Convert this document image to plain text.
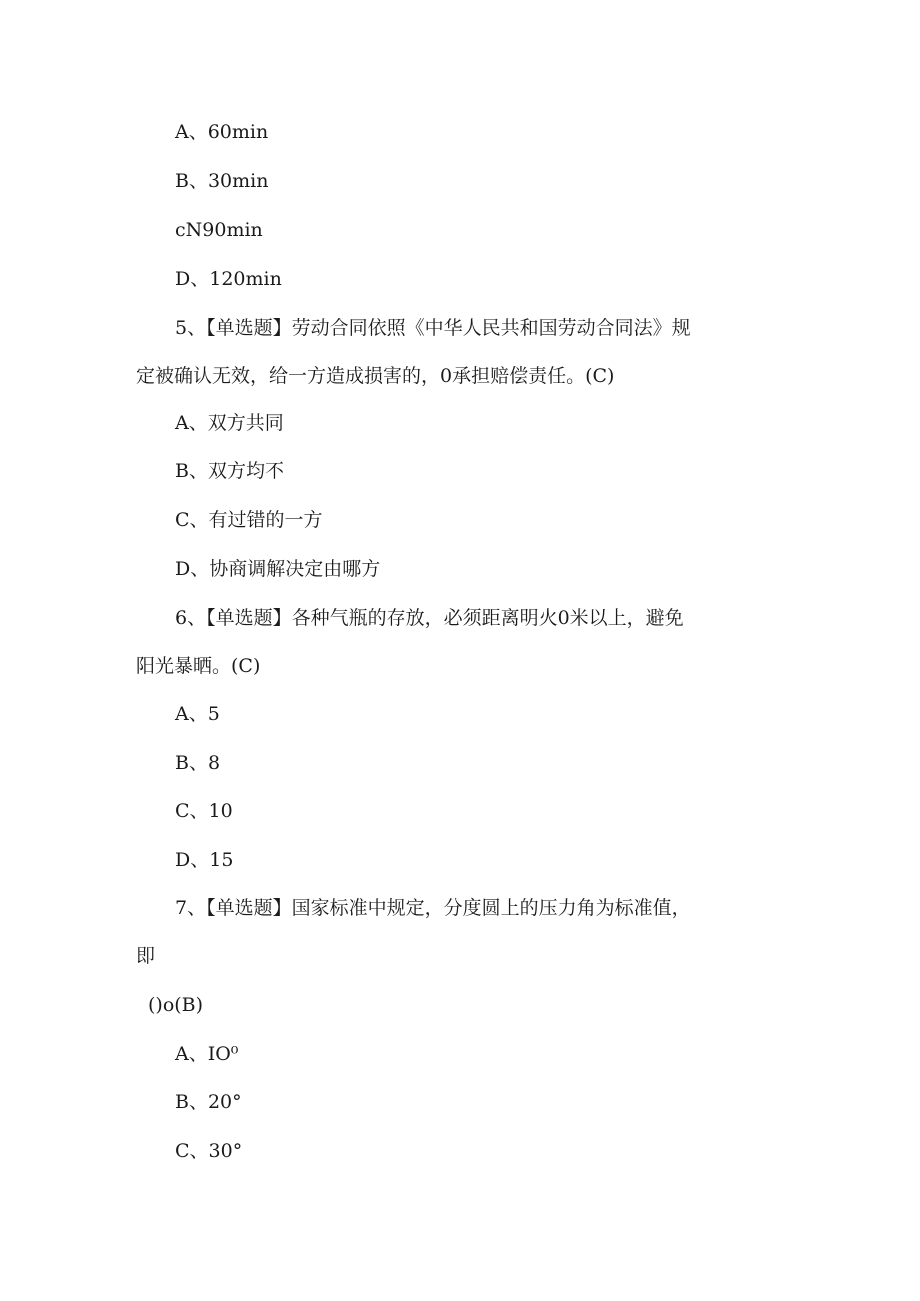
A、60min
B、30min
cN90min
D、120min
5、【单选题】劳动合同依照《中华人民共和国劳动合同法》规
定被确认无效，给一方造成损害的，0承担赔偿责任。(C)
A、双方共同
B、双方均不
C、有过错的一方
D、协商调解决定由哪方
6、【单选题】各种气瓶的存放，必须距离明火0米以上，避免
阳光暴晒。(C)
A、5
B、8
C、10
D、15
7、【单选题】国家标准中规定，分度圆上的压力角为标准值，
即
()o(B)
A、IO⁰
B、20°
C、30°
